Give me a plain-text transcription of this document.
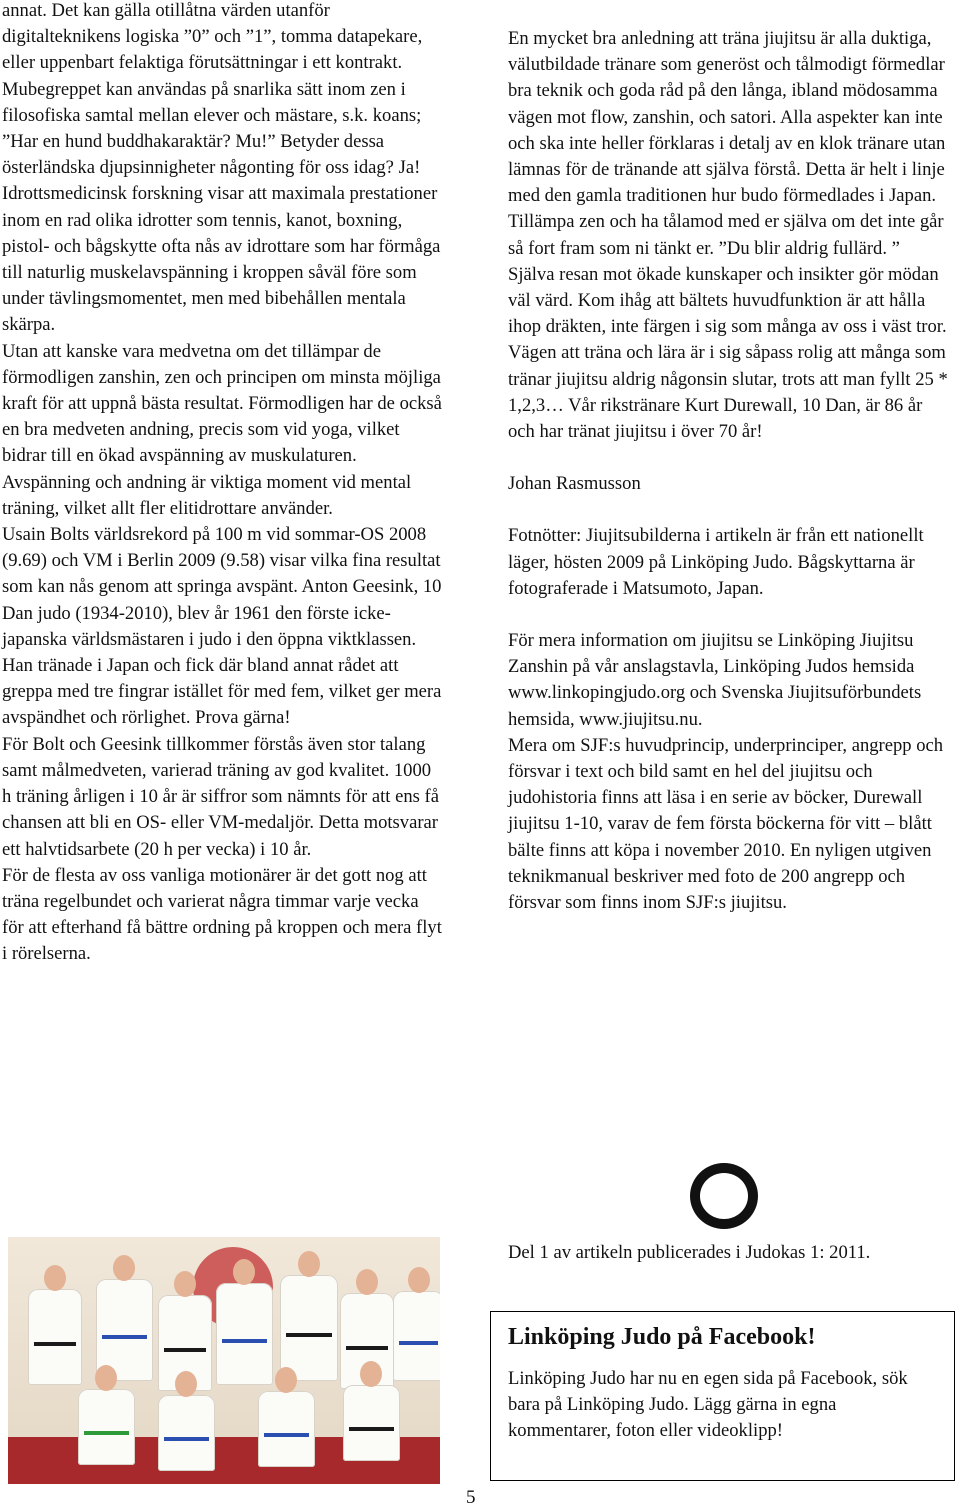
annat. Det kan gälla otillåtna värden utanför digitalteknikens logiska ”0” och ”1”, tomma datapekare, eller uppenbart felaktiga förutsättningar i ett kontrakt. Mubegreppet kan användas på snarlika sätt inom zen i filosofiska samtal mellan elever och mästare, s.k. koans; ”Har en hund buddhakaraktär? Mu!” Betyder dessa österländska djupsinnigheter någonting för oss idag? Ja! Idrottsmedicinsk forskning visar att maximala prestationer inom en rad olika idrotter som tennis, kanot, boxning, pistol- och bågskytte ofta nås av idrottare som har förmåga till naturlig muskelavspänning i kroppen såväl före som under tävlingsmomentet, men med bibehållen mentala skärpa.

Utan att kanske vara medvetna om det tillämpar de förmodligen zanshin, zen och principen om minsta möjliga kraft för att uppnå bästa resultat. Förmodligen har de också en bra medveten andning, precis som vid yoga, vilket bidrar till en ökad avspänning av muskulaturen.

Avspänning och andning är viktiga moment vid mental träning, vilket allt fler elitidrottare använder.

Usain Bolts världsrekord på 100 m vid sommar-OS 2008 (9.69) och VM i Berlin 2009 (9.58) visar vilka fina resultat som kan nås genom att springa avspänt. Anton Geesink, 10 Dan judo (1934-2010), blev år 1961 den förste icke-japanska världsmästaren i judo i den öppna viktklassen. Han tränade i Japan och fick där bland annat rådet att greppa med tre fingrar istället för med fem, vilket ger mera avspändhet och rörlighet. Prova gärna!

För Bolt och Geesink tillkommer förstås även stor talang samt målmedveten, varierad träning av god kvalitet. 1000 h träning årligen i 10 år är siffror som nämnts för att ens få chansen att bli en OS- eller VM-medaljör. Detta motsvarar ett halvtidsarbete (20 h per vecka) i 10 år.

För de flesta av oss vanliga motionärer är det gott nog att träna regelbundet och varierat några timmar varje vecka för att efterhand få bättre ordning på kroppen och mera flyt i rörelserna.

En mycket bra anledning att träna jiujitsu är alla duktiga, välutbildade tränare som generöst och tålmodigt förmedlar bra teknik och goda råd på den långa, ibland mödosamma vägen mot flow, zanshin, och satori. Alla aspekter kan inte och ska inte heller förklaras i detalj av en klok tränare utan lämnas för de tränande att själva förstå. Detta är helt i linje med den gamla traditionen hur budo förmedlades i Japan. Tillämpa zen och ha tålamod med er själva om det inte går så fort fram som ni tänkt er. ”Du blir aldrig fullärd. ”

Själva resan mot ökade kunskaper och insikter gör mödan väl värd. Kom ihåg att bältets huvudfunktion är att hålla ihop dräkten, inte färgen i sig som många av oss i väst tror.

Vägen att träna och lära är i sig såpass rolig att många som tränar jiujitsu aldrig någonsin slutar, trots att man fyllt 25 * 1,2,3… Vår rikstränare Kurt Durewall, 10 Dan, är 86 år och har tränat jiujitsu i över 70 år!

Johan Rasmusson

Fotnötter: Jiujitsubilderna i artikeln är från ett nationellt läger, hösten 2009 på Linköping Judo. Bågskyttarna är fotograferade i Matsumoto, Japan.

För mera information om jiujitsu se Linköping Jiujitsu Zanshin på vår anslagstavla, Linköping Judos hemsida www.linkopingjudo.org och Svenska Jiujitsuförbundets hemsida, www.jiujitsu.nu.

Mera om SJF:s huvudprincip, underprinciper, angrepp och försvar i text och bild samt en hel del jiujitsu och judohistoria finns att läsa i en serie av böcker, Durewall jiujitsu 1-10, varav de fem första böckerna för vitt – blått bälte finns att köpa i november 2010. En nyligen utgiven teknikmanual beskriver med foto de 200 angrepp och försvar som finns inom SJF:s jiujitsu.

Del 1 av artikeln publicerades i Judokas 1: 2011.

Linköping Judo på Facebook!
Linköping Judo har nu en egen sida på Facebook, sök bara på Linköping Judo. Lägg gärna in egna kommentarer, foton eller videoklipp!
5
